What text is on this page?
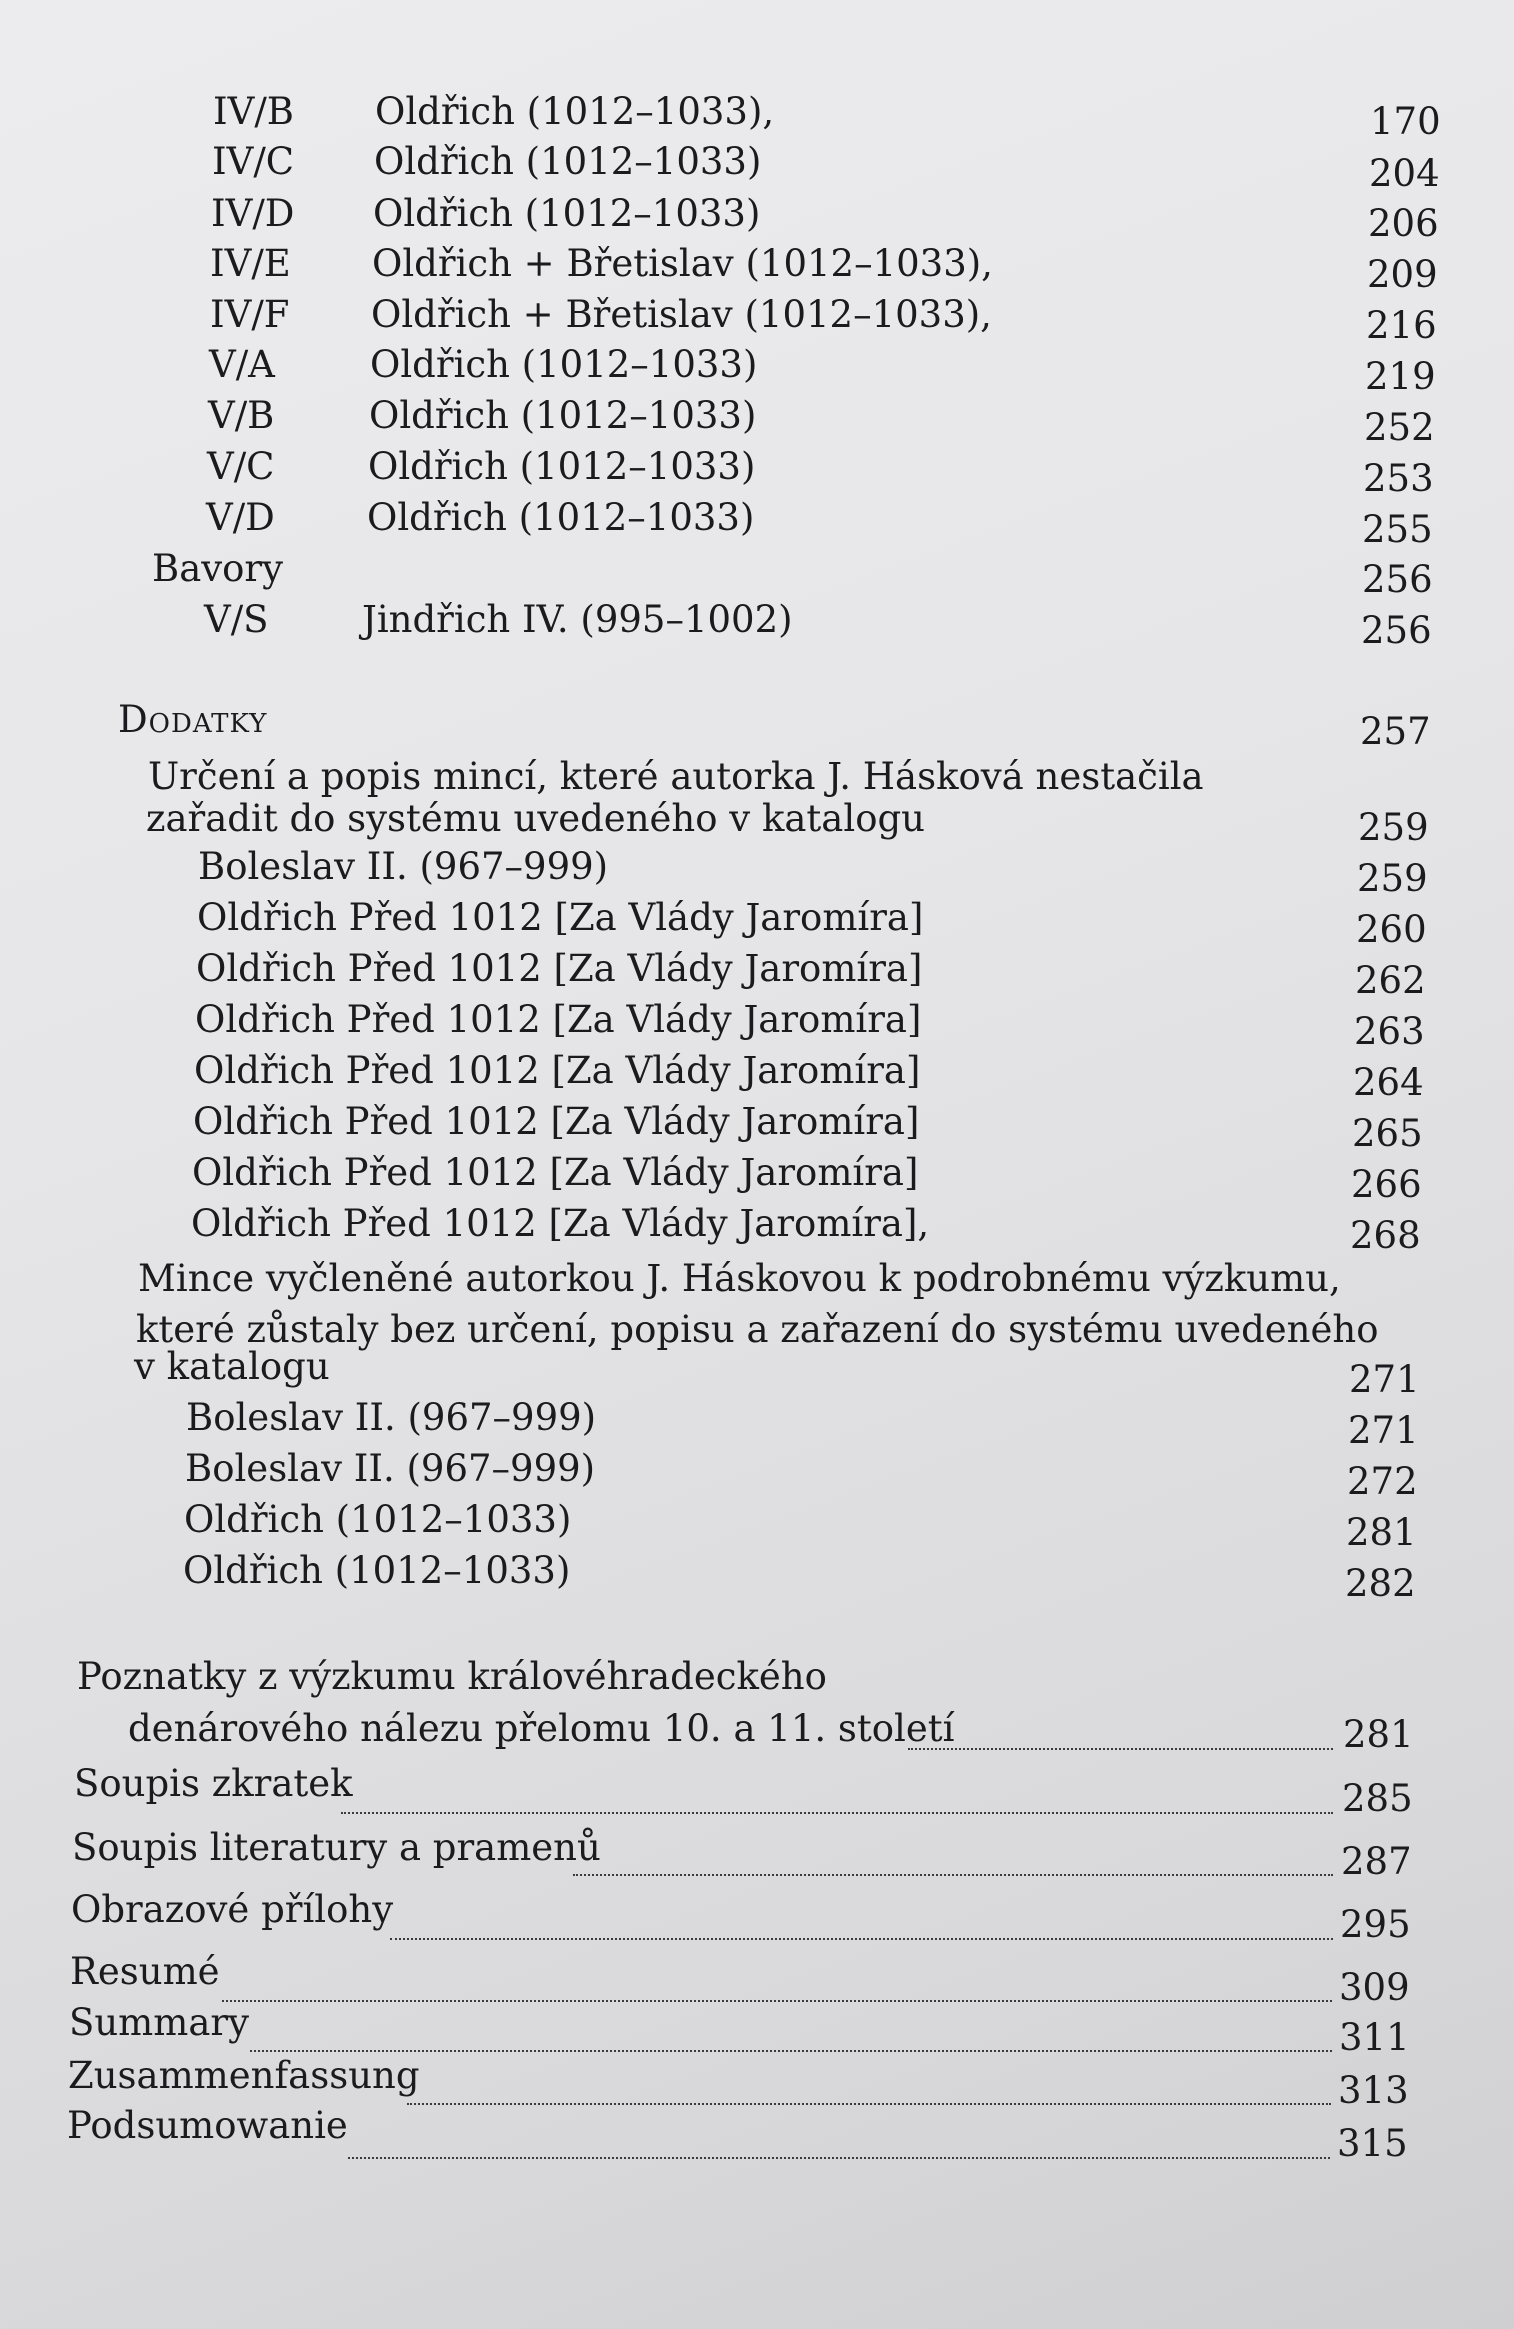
IV/B Oldřich (1012–1033),	170
IV/C Oldřich (1012–1033)	204
IV/D Oldřich (1012–1033)	206
IV/E Oldřich + Břetislav (1012–1033),	209
IV/F Oldřich + Břetislav (1012–1033),	216
V/A	Oldřich (1012–1033)	219
V/B	Oldřich (1012–1033)	252
V/C	Oldřich (1012–1033)	253
V/D Oldřich (1012–1033)	255
Bavory	256
V/S	Jindřich IV. (995–1002)	256
Dodatky	257
Určení a popis mincí, které autorka J. Hásková nestačila
zařadit do systému uvedeného v katalogu	259
Boleslav II. (967–999)	259
Oldřich Před 1012 [Za Vlády Jaromíra]	260
Oldřich Před 1012 [Za Vlády Jaromíra]	262
Oldřich Před 1012 [Za Vlády Jaromíra]	263
Oldřich Před 1012 [Za Vlády Jaromíra]	264
Oldřich Před 1012 [Za Vlády Jaromíra]	265
Oldřich Před 1012 [Za Vlády Jaromíra]	266
Oldřich Před 1012 [Za Vlády Jaromíra],	268
Mince vyčleněné autorkou J. Háskovou k podrobnému výzkumu,
které zůstaly bez určení, popisu a zařazení do systému uvedeného
v katalogu	271
Boleslav II. (967–999)	271
Boleslav II. (967–999)	272
Oldřich (1012–1033)	281
Oldřich (1012–1033)	282
Poznatky z výzkumu královéhradeckého
denárového nálezu přelomu 10. a 11. století	281
Soupis zkratek	285
Soupis literatury a pramenů	287
Obrazové přílohy	295
Resumé	309
Summary	311
Zusammenfassung	313
Podsumowanie	315
